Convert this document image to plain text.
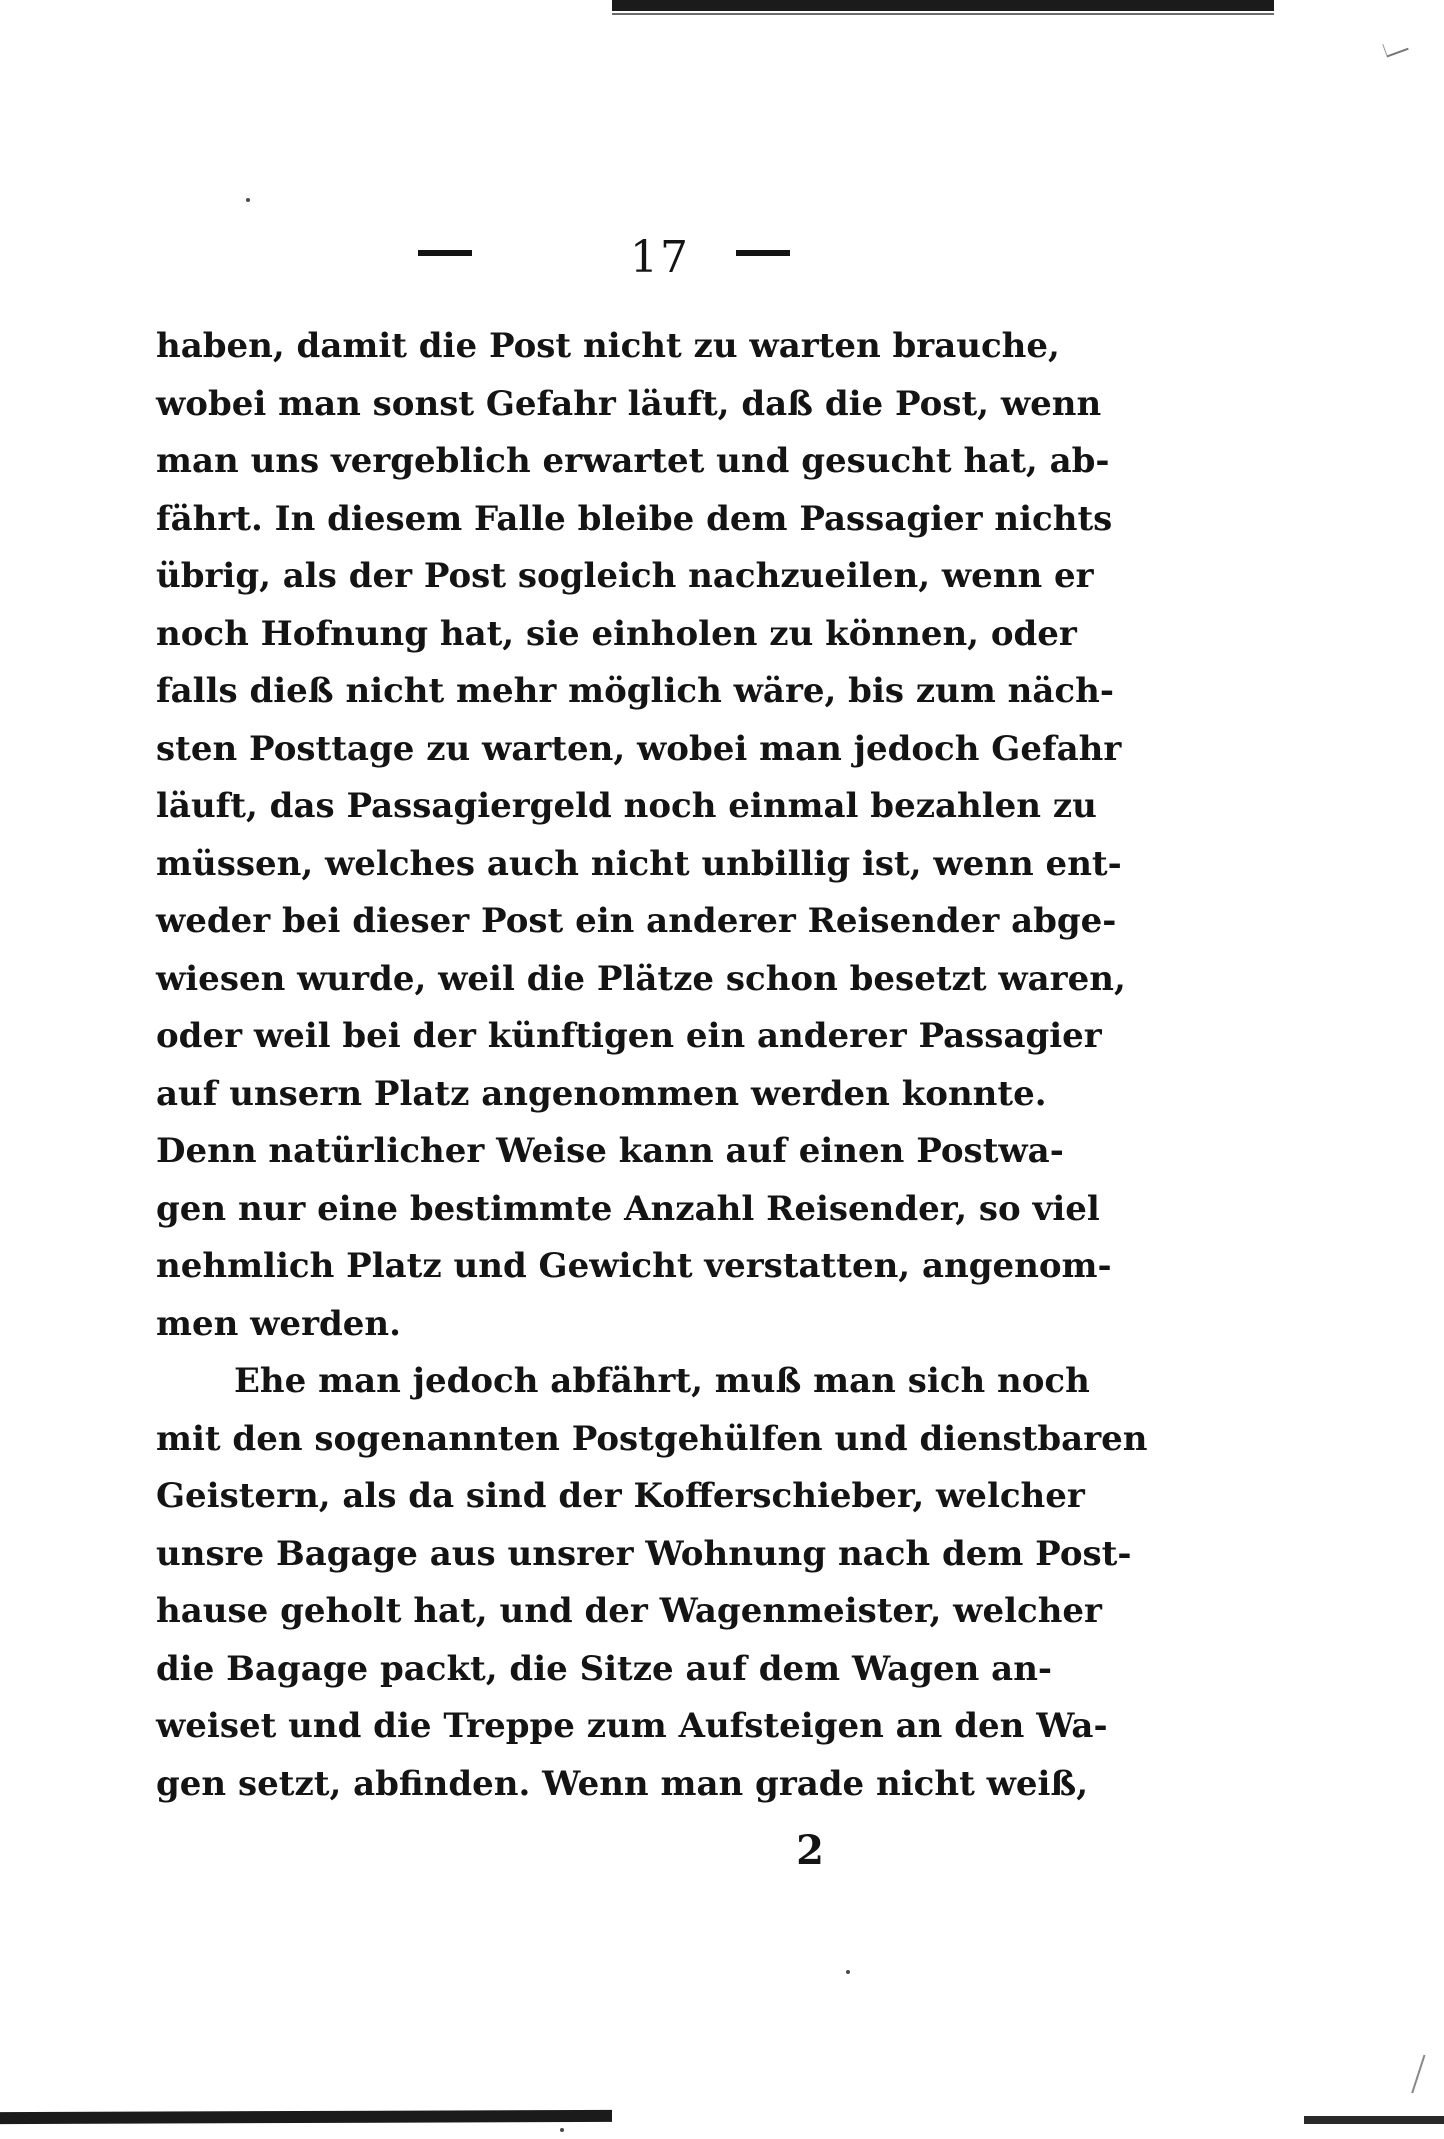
17
haben, damit die Post nicht zu warten brauche,
wobei man sonst Gefahr läuft, daß die Post, wenn
man uns vergeblich erwartet und gesucht hat, ab-
fährt. In diesem Falle bleibe dem Passagier nichts
übrig, als der Post sogleich nachzueilen, wenn er
noch Hofnung hat, sie einholen zu können, oder
falls dieß nicht mehr möglich wäre, bis zum näch-
sten Posttage zu warten, wobei man jedoch Gefahr
läuft, das Passagiergeld noch einmal bezahlen zu
müssen, welches auch nicht unbillig ist, wenn ent-
weder bei dieser Post ein anderer Reisender abge-
wiesen wurde, weil die Plätze schon besetzt waren,
oder weil bei der künftigen ein anderer Passagier
auf unsern Platz angenommen werden konnte.
Denn natürlicher Weise kann auf einen Postwa-
gen nur eine bestimmte Anzahl Reisender, so viel
nehmlich Platz und Gewicht verstatten, angenom-
men werden.
Ehe man jedoch abfährt, muß man sich noch
mit den sogenannten Postgehülfen und dienstbaren
Geistern, als da sind der Kofferschieber, welcher
unsre Bagage aus unsrer Wohnung nach dem Post-
hause geholt hat, und der Wagenmeister, welcher
die Bagage packt, die Sitze auf dem Wagen an-
weiset und die Treppe zum Aufsteigen an den Wa-
gen setzt, abfinden. Wenn man grade nicht weiß,
2
